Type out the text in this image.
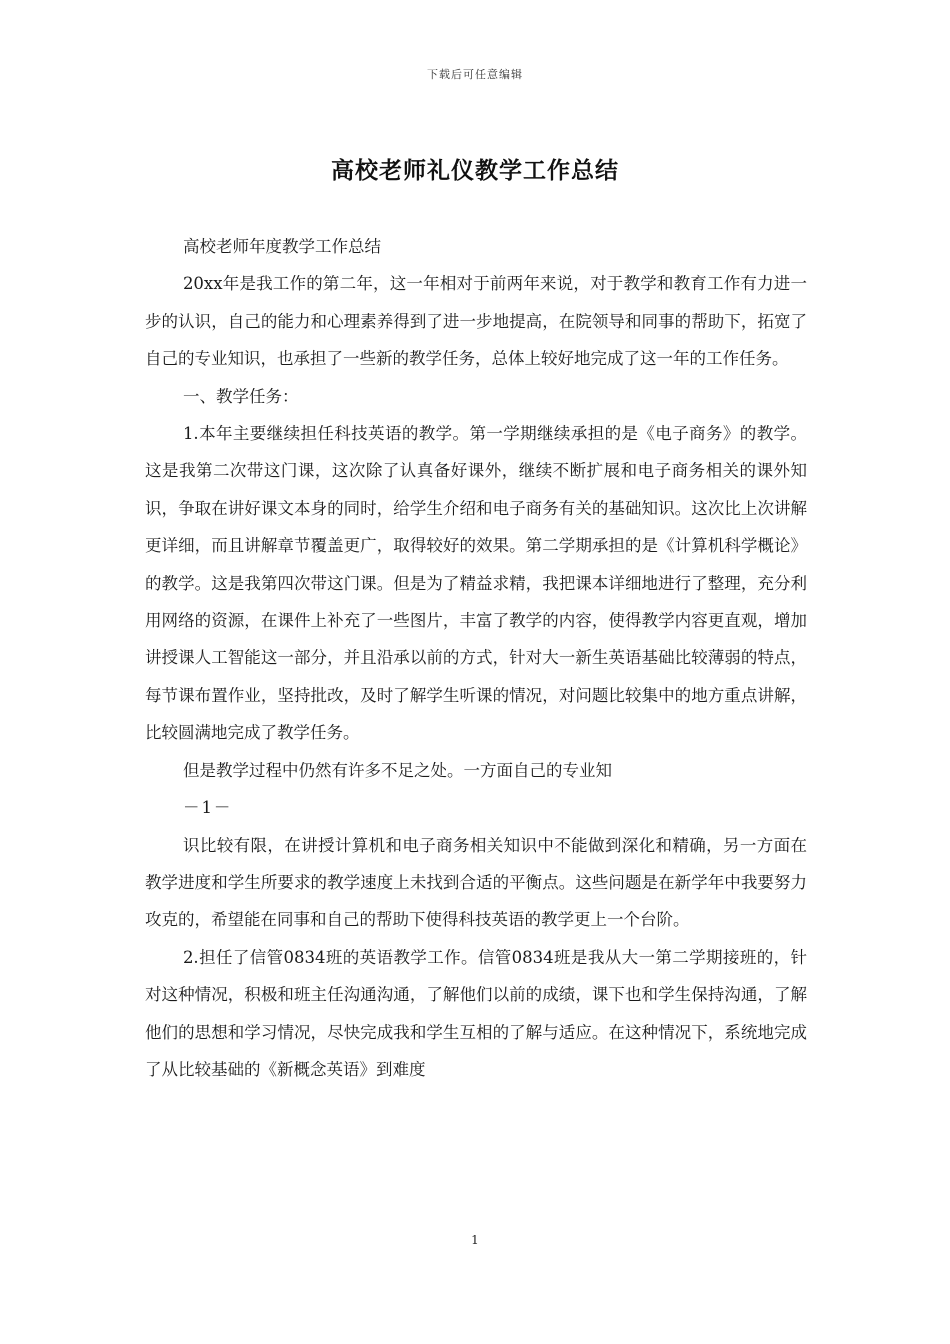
下载后可任意编辑
高校老师礼仪教学工作总结

高校老师年度教学工作总结

20xx年是我工作的第二年，这一年相对于前两年来说，对于教学和教育工作有力进一步的认识，自己的能力和心理素养得到了进一步地提高，在院领导和同事的帮助下，拓宽了自己的专业知识，也承担了一些新的教学任务，总体上较好地完成了这一年的工作任务。

一、教学任务：

1.本年主要继续担任科技英语的教学。第一学期继续承担的是《电子商务》的教学。这是我第二次带这门课，这次除了认真备好课外，继续不断扩展和电子商务相关的课外知识，争取在讲好课文本身的同时，给学生介绍和电子商务有关的基础知识。这次比上次讲解更详细，而且讲解章节覆盖更广，取得较好的效果。第二学期承担的是《计算机科学概论》的教学。这是我第四次带这门课。但是为了精益求精，我把课本详细地进行了整理，充分利用网络的资源，在课件上补充了一些图片，丰富了教学的内容，使得教学内容更直观，增加讲授课人工智能这一部分，并且沿承以前的方式，针对大一新生英语基础比较薄弱的特点，每节课布置作业，坚持批改，及时了解学生听课的情况，对问题比较集中的地方重点讲解，比较圆满地完成了教学任务。

但是教学过程中仍然有许多不足之处。一方面自己的专业知

－1－

识比较有限，在讲授计算机和电子商务相关知识中不能做到深化和精确，另一方面在教学进度和学生所要求的教学速度上未找到合适的平衡点。这些问题是在新学年中我要努力攻克的，希望能在同事和自己的帮助下使得科技英语的教学更上一个台阶。

2.担任了信管0834班的英语教学工作。信管0834班是我从大一第二学期接班的，针对这种情况，积极和班主任沟通沟通，了解他们以前的成绩，课下也和学生保持沟通，了解他们的思想和学习情况，尽快完成我和学生互相的了解与适应。在这种情况下，系统地完成了从比较基础的《新概念英语》到难度

1
